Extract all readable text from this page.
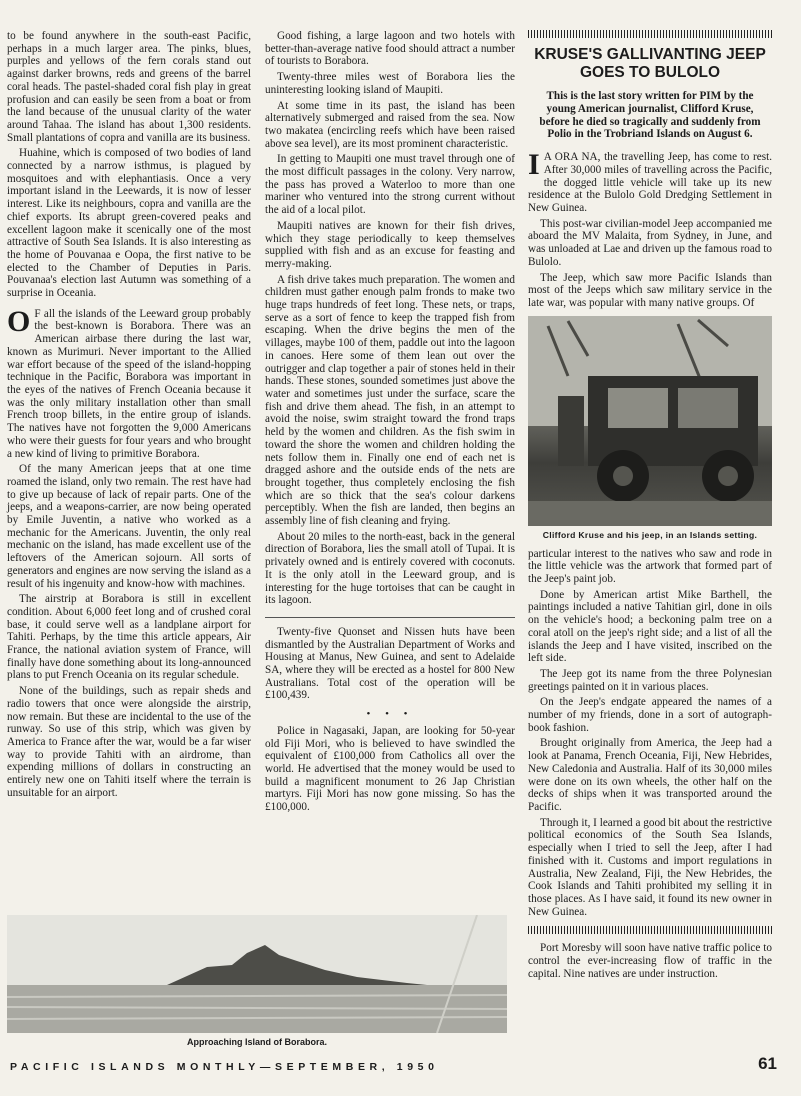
to be found anywhere in the south-east Pacific, perhaps in a much larger area. The pinks, blues, purples and yellows of the fern corals stand out against darker browns, reds and greens of the barrel coral heads. The pastel-shaded coral fish play in great profusion and can easily be seen from a boat or from the land because of the unusual clarity of the water around Tahaa. The island has about 1,300 residents. Small plantations of copra and vanilla are its business.

Huahine, which is composed of two bodies of land connected by a narrow isthmus, is plagued by mosquitoes and with elephantiasis. Once a very important island in the Leewards, it is now of lesser interest. Like its neighbours, copra and vanilla are the chief exports. Its abrupt green-covered peaks and excellent lagoon make it scenically one of the most attractive of South Sea Islands. It is also interesting as the home of Pouvanaa e Oopa, the first native to be elected to the Chamber of Deputies in Paris. Pouvanaa's election last Autumn was something of a surprise in Oceania.

O F all the islands of the Leeward group probably the best-known is Borabora. There was an American airbase there during the last war, known as Murimuri. Never important to the Allied war effort because of the speed of the island-hopping technique in the Pacific, Borabora was important in the eyes of the natives of French Oceania because it was the only military installation other than small French troop billets, in the entire group of islands. The natives have not forgotten the 9,000 Americans who were their guests for four years and who brought a new kind of living to primitive Borabora.

Of the many American jeeps that at one time roamed the island, only two remain. The rest have had to give up because of lack of repair parts. One of the jeeps, and a weapons-carrier, are now being operated by Emile Juventin, a native who worked as a mechanic for the Americans. Juventin, the only real mechanic on the island, has made excellent use of the leftovers of the American sojourn. All sorts of generators and engines are now serving the island as a result of his ingenuity and know-how with machines.

The airstrip at Borabora is still in excellent condition. About 6,000 feet long and of crushed coral base, it could serve well as a landplane airport for Tahiti. Perhaps, by the time this article appears, Air France, the national aviation system of France, will finally have done something about its long-announced plans to put French Oceania on its regular schedule.

None of the buildings, such as repair sheds and radio towers that once were alongside the airstrip, now remain. But these are incidental to the use of the runway. So use of this strip, which was given by America to France after the war, would be a far wiser way to provide Tahiti with an airdrome, than expending millions of dollars in constructing an entirely new one on Tahiti itself where the terrain is unsuitable for an airport.

Good fishing, a large lagoon and two hotels with better-than-average native food should attract a number of tourists to Borabora.

Twenty-three miles west of Borabora lies the uninteresting looking island of Maupiti.

At some time in its past, the island has been alternatively submerged and raised from the sea. Now two makatea (encircling reefs which have been raised above sea level), are its most prominent characteristic.

In getting to Maupiti one must travel through one of the most difficult passages in the colony. Very narrow, the pass has proved a Waterloo to more than one mariner who ventured into the strong current without the aid of a local pilot.

Maupiti natives are known for their fish drives, which they stage periodically to keep themselves supplied with fish and as an excuse for feasting and merry-making.

A fish drive takes much preparation. The women and children must gather enough palm fronds to make two huge traps hundreds of feet long. These nets, or traps, serve as a sort of fence to keep the trapped fish from escaping. When the drive begins the men of the villages, maybe 100 of them, paddle out into the lagoon in canoes. Here some of them lean out over the outrigger and clap together a pair of stones held in their hands. These stones, sounded sometimes just above the water and sometimes just under the surface, scare the fish and drive them ahead. The fish, in an attempt to avoid the noise, swim straight toward the frond traps held by the women and children. As the fish swim in toward the shore the women and children holding the nets follow them in. Finally one end of each net is dragged ashore and the outside ends of the nets are brought together, thus completely enclosing the fish which are so thick that the sea's colour darkens perceptibly. When the fish are landed, then begins an assembly line of fish cleaning and frying.

About 20 miles to the north-east, back in the general direction of Borabora, lies the small atoll of Tupai. It is privately owned and is entirely covered with coconuts. It is the only atoll in the Leeward group, and is interesting for the huge tortoises that can be caught in its lagoon.

Twenty-five Quonset and Nissen huts have been dismantled by the Australian Department of Works and Housing at Manus, New Guinea, and sent to Adelaide SA, where they will be erected as a hostel for 800 New Australians. Total cost of the operation will be £100,439.

• • •

Police in Nagasaki, Japan, are looking for 50-year old Fiji Mori, who is believed to have swindled the equivalent of £100,000 from Catholics all over the world. He advertised that the money would be used to build a magnificent monument to 26 Jap Christian martyrs. Fiji Mori has now gone missing. So has the £100,000.

KRUSE'S GALLIVANTING JEEP GOES TO BULOLO
This is the last story written for PIM by the young American journalist, Clifford Kruse, before he died so tragically and suddenly from Polio in the Trobriand Islands on August 6.

I A ORA NA, the travelling Jeep, has come to rest. After 30,000 miles of travelling across the Pacific, the dogged little vehicle will take up its new residence at the Bulolo Gold Dredging Settlement in New Guinea.

This post-war civilian-model Jeep accompanied me aboard the MV Malaita, from Sydney, in June, and was unloaded at Lae and driven up the famous road to Bulolo.

The Jeep, which saw more Pacific Islands than most of the Jeeps which saw military service in the late war, was popular with many native groups. Of

Clifford Kruse and his jeep, in an Islands setting.

particular interest to the natives who saw and rode in the little vehicle was the artwork that formed part of the Jeep's paint job.

Done by American artist Mike Barthell, the paintings included a native Tahitian girl, done in oils on the vehicle's hood; a beckoning palm tree on a coral atoll on the jeep's right side; and a list of all the islands the Jeep and I have visited, inscribed on the left side.

The Jeep got its name from the three Polynesian greetings painted on it in various places.

On the Jeep's endgate appeared the names of a number of my friends, done in a sort of autograph-book fashion.

Brought originally from America, the Jeep had a look at Panama, French Oceania, Fiji, New Hebrides, New Caledonia and Australia. Half of its 30,000 miles were done on its own wheels, the other half on the decks of ships when it was transported around the Pacific.

Through it, I learned a good bit about the restrictive political economics of the South Sea Islands, especially when I tried to sell the Jeep, after I had finished with it. Customs and import regulations in Australia, New Zealand, Fiji, the New Hebrides, the Cook Islands and Tahiti prohibited my selling it in those places. As I have said, it found its new owner in New Guinea.

Port Moresby will soon have native traffic police to control the ever-increasing flow of traffic in the capital. Nine natives are under instruction.

Approaching Island of Borabora.
PACIFIC ISLANDS MONTHLY—SEPTEMBER, 1950	61
